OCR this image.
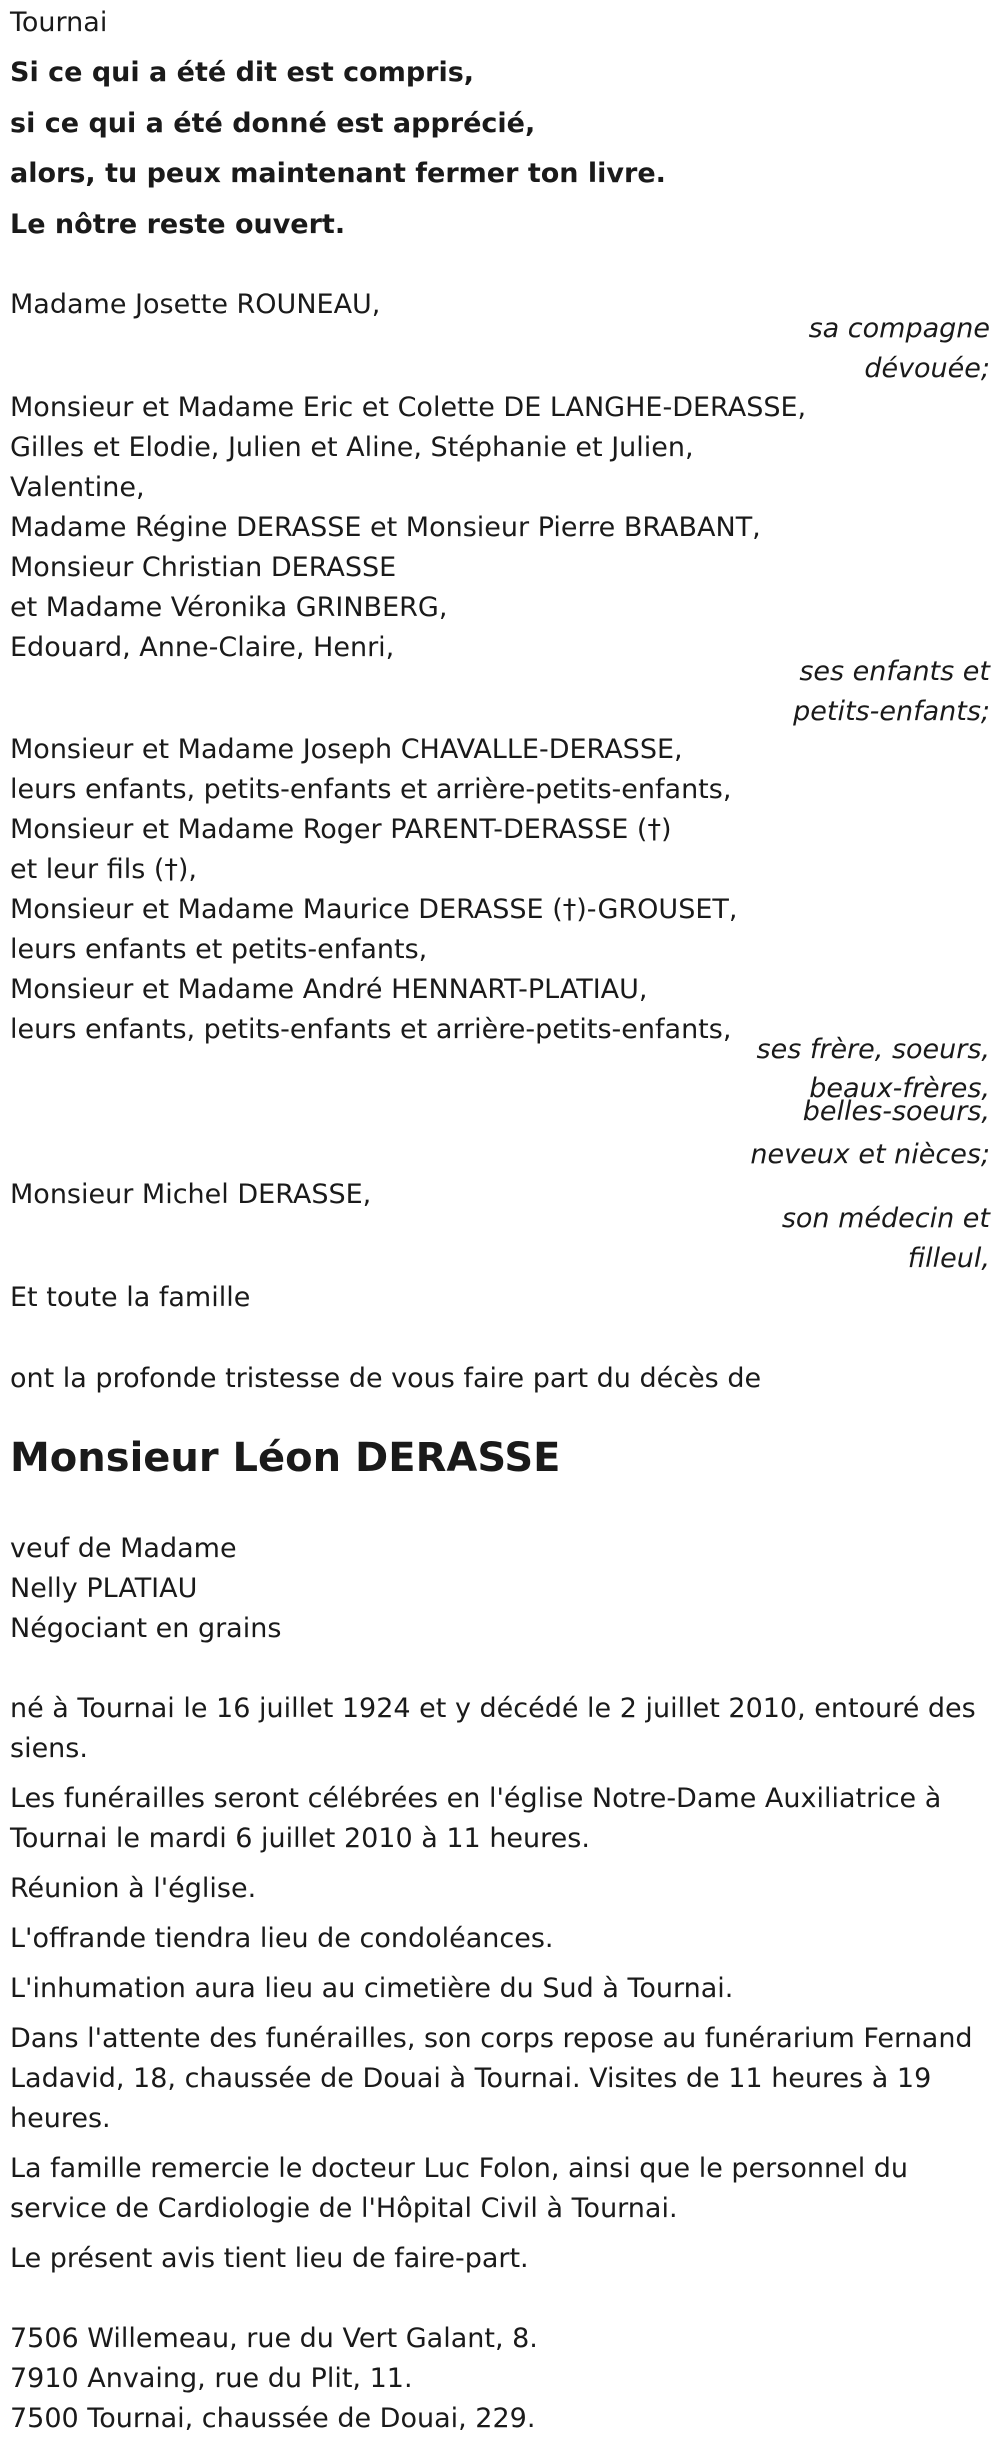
Tournai
Si ce qui a été dit est compris,
si ce qui a été donné est apprécié,
alors, tu peux maintenant fermer ton livre.
Le nôtre reste ouvert.
Madame Josette ROUNEAU,
sa compagne
dévouée;
Monsieur et Madame Eric et Colette DE LANGHE-DERASSE,
Gilles et Elodie, Julien et Aline, Stéphanie et Julien,
Valentine,
Madame Régine DERASSE et Monsieur Pierre BRABANT,
Monsieur Christian DERASSE
et Madame Véronika GRINBERG,
Edouard, Anne-Claire, Henri,
ses enfants et
petits-enfants;
Monsieur et Madame Joseph CHAVALLE-DERASSE,
leurs enfants, petits-enfants et arrière-petits-enfants,
Monsieur et Madame Roger PARENT-DERASSE (†)
et leur fils (†),
Monsieur et Madame Maurice DERASSE (†)-GROUSET,
leurs enfants et petits-enfants,
Monsieur et Madame André HENNART-PLATIAU,
leurs enfants, petits-enfants et arrière-petits-enfants,
ses frère, soeurs,
beaux-frères,
belles-soeurs,
neveux et nièces;
Monsieur Michel DERASSE,
son médecin et
filleul,
Et toute la famille
ont la profonde tristesse de vous faire part du décès de
Monsieur Léon DERASSE
veuf de Madame
Nelly PLATIAU
Négociant en grains
né à Tournai le 16 juillet 1924 et y décédé le 2 juillet 2010, entouré des
siens.
Les funérailles seront célébrées en l'église Notre-Dame Auxiliatrice à
Tournai le mardi 6 juillet 2010 à 11 heures.
Réunion à l'église.
L'offrande tiendra lieu de condoléances.
L'inhumation aura lieu au cimetière du Sud à Tournai.
Dans l'attente des funérailles, son corps repose au funérarium Fernand
Ladavid, 18, chaussée de Douai à Tournai. Visites de 11 heures à 19
heures.
La famille remercie le docteur Luc Folon, ainsi que le personnel du
service de Cardiologie de l'Hôpital Civil à Tournai.
Le présent avis tient lieu de faire-part.
7506 Willemeau, rue du Vert Galant, 8.
7910 Anvaing, rue du Plit, 11.
7500 Tournai, chaussée de Douai, 229.
